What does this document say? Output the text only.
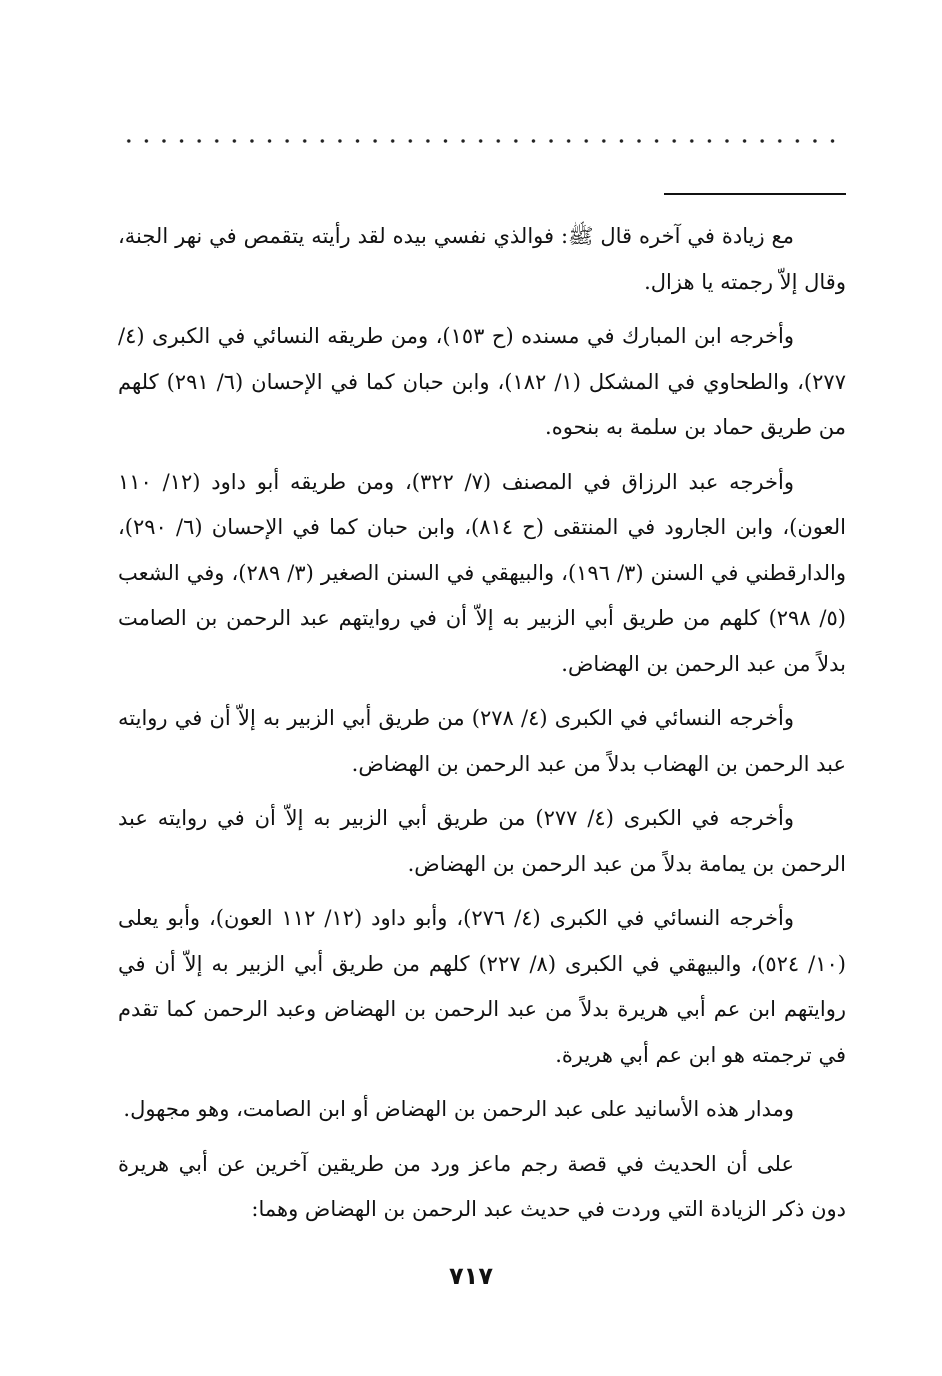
مع زيادة في آخره قال ﷺ: فوالذي نفسي بيده لقد رأيته يتقمص في نهر الجنة، وقال إلاّ رجمته يا هزال.

وأخرجه ابن المبارك في مسنده (ح ١٥٣)، ومن طريقه النسائي في الكبرى (٤/ ٢٧٧)، والطحاوي في المشكل (١/ ١٨٢)، وابن حبان كما في الإحسان (٦/ ٢٩١) كلهم من طريق حماد بن سلمة به بنحوه.

وأخرجه عبد الرزاق في المصنف (٧/ ٣٢٢)، ومن طريقه أبو داود (١٢/ ١١٠ العون)، وابن الجارود في المنتقى (ح ٨١٤)، وابن حبان كما في الإحسان (٦/ ٢٩٠)، والدارقطني في السنن (٣/ ١٩٦)، والبيهقي في السنن الصغير (٣/ ٢٨٩)، وفي الشعب (٥/ ٢٩٨) كلهم من طريق أبي الزبير به إلاّ أن في روايتهم عبد الرحمن بن الصامت بدلاً من عبد الرحمن بن الهضاض.

وأخرجه النسائي في الكبرى (٤/ ٢٧٨) من طريق أبي الزبير به إلاّ أن في روايته عبد الرحمن بن الهضاب بدلاً من عبد الرحمن بن الهضاض.

وأخرجه في الكبرى (٤/ ٢٧٧) من طريق أبي الزبير به إلاّ أن في روايته عبد الرحمن بن يمامة بدلاً من عبد الرحمن بن الهضاض.

وأخرجه النسائي في الكبرى (٤/ ٢٧٦)، وأبو داود (١٢/ ١١٢ العون)، وأبو يعلى (١٠/ ٥٢٤)، والبيهقي في الكبرى (٨/ ٢٢٧) كلهم من طريق أبي الزبير به إلاّ أن في روايتهم ابن عم أبي هريرة بدلاً من عبد الرحمن بن الهضاض وعبد الرحمن كما تقدم في ترجمته هو ابن عم أبي هريرة.

ومدار هذه الأسانيد على عبد الرحمن بن الهضاض أو ابن الصامت، وهو مجهول.

على أن الحديث في قصة رجم ماعز ورد من طريقين آخرين عن أبي هريرة دون ذكر الزيادة التي وردت في حديث عبد الرحمن بن الهضاض وهما:

٧١٧
